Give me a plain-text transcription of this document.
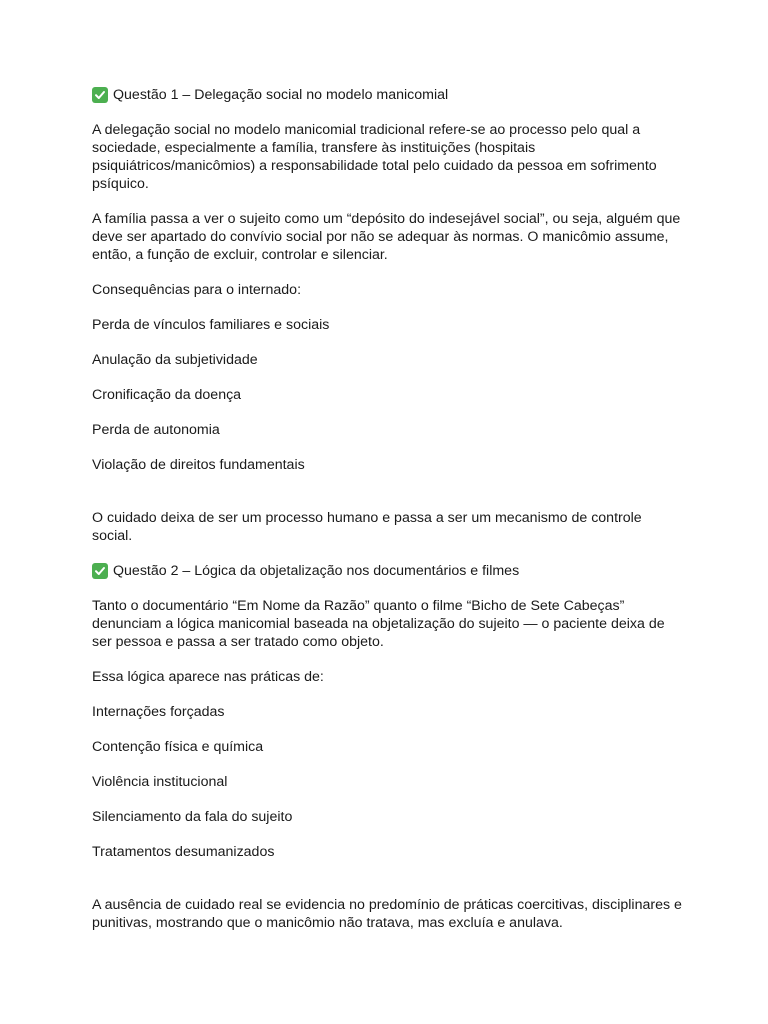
Questão 1 – Delegação social no modelo manicomial

A delegação social no modelo manicomial tradicional refere-se ao processo pelo qual a sociedade, especialmente a família, transfere às instituições (hospitais psiquiátricos/manicômios) a responsabilidade total pelo cuidado da pessoa em sofrimento psíquico.

A família passa a ver o sujeito como um “depósito do indesejável social”, ou seja, alguém que deve ser apartado do convívio social por não se adequar às normas. O manicômio assume, então, a função de excluir, controlar e silenciar.

Consequências para o internado:

Perda de vínculos familiares e sociais

Anulação da subjetividade

Cronificação da doença

Perda de autonomia

Violação de direitos fundamentais

O cuidado deixa de ser um processo humano e passa a ser um mecanismo de controle social.

Questão 2 – Lógica da objetalização nos documentários e filmes

Tanto o documentário “Em Nome da Razão” quanto o filme “Bicho de Sete Cabeças” denunciam a lógica manicomial baseada na objetalização do sujeito — o paciente deixa de ser pessoa e passa a ser tratado como objeto.

Essa lógica aparece nas práticas de:

Internações forçadas

Contenção física e química

Violência institucional

Silenciamento da fala do sujeito

Tratamentos desumanizados

A ausência de cuidado real se evidencia no predomínio de práticas coercitivas, disciplinares e punitivas, mostrando que o manicômio não tratava, mas excluía e anulava.
